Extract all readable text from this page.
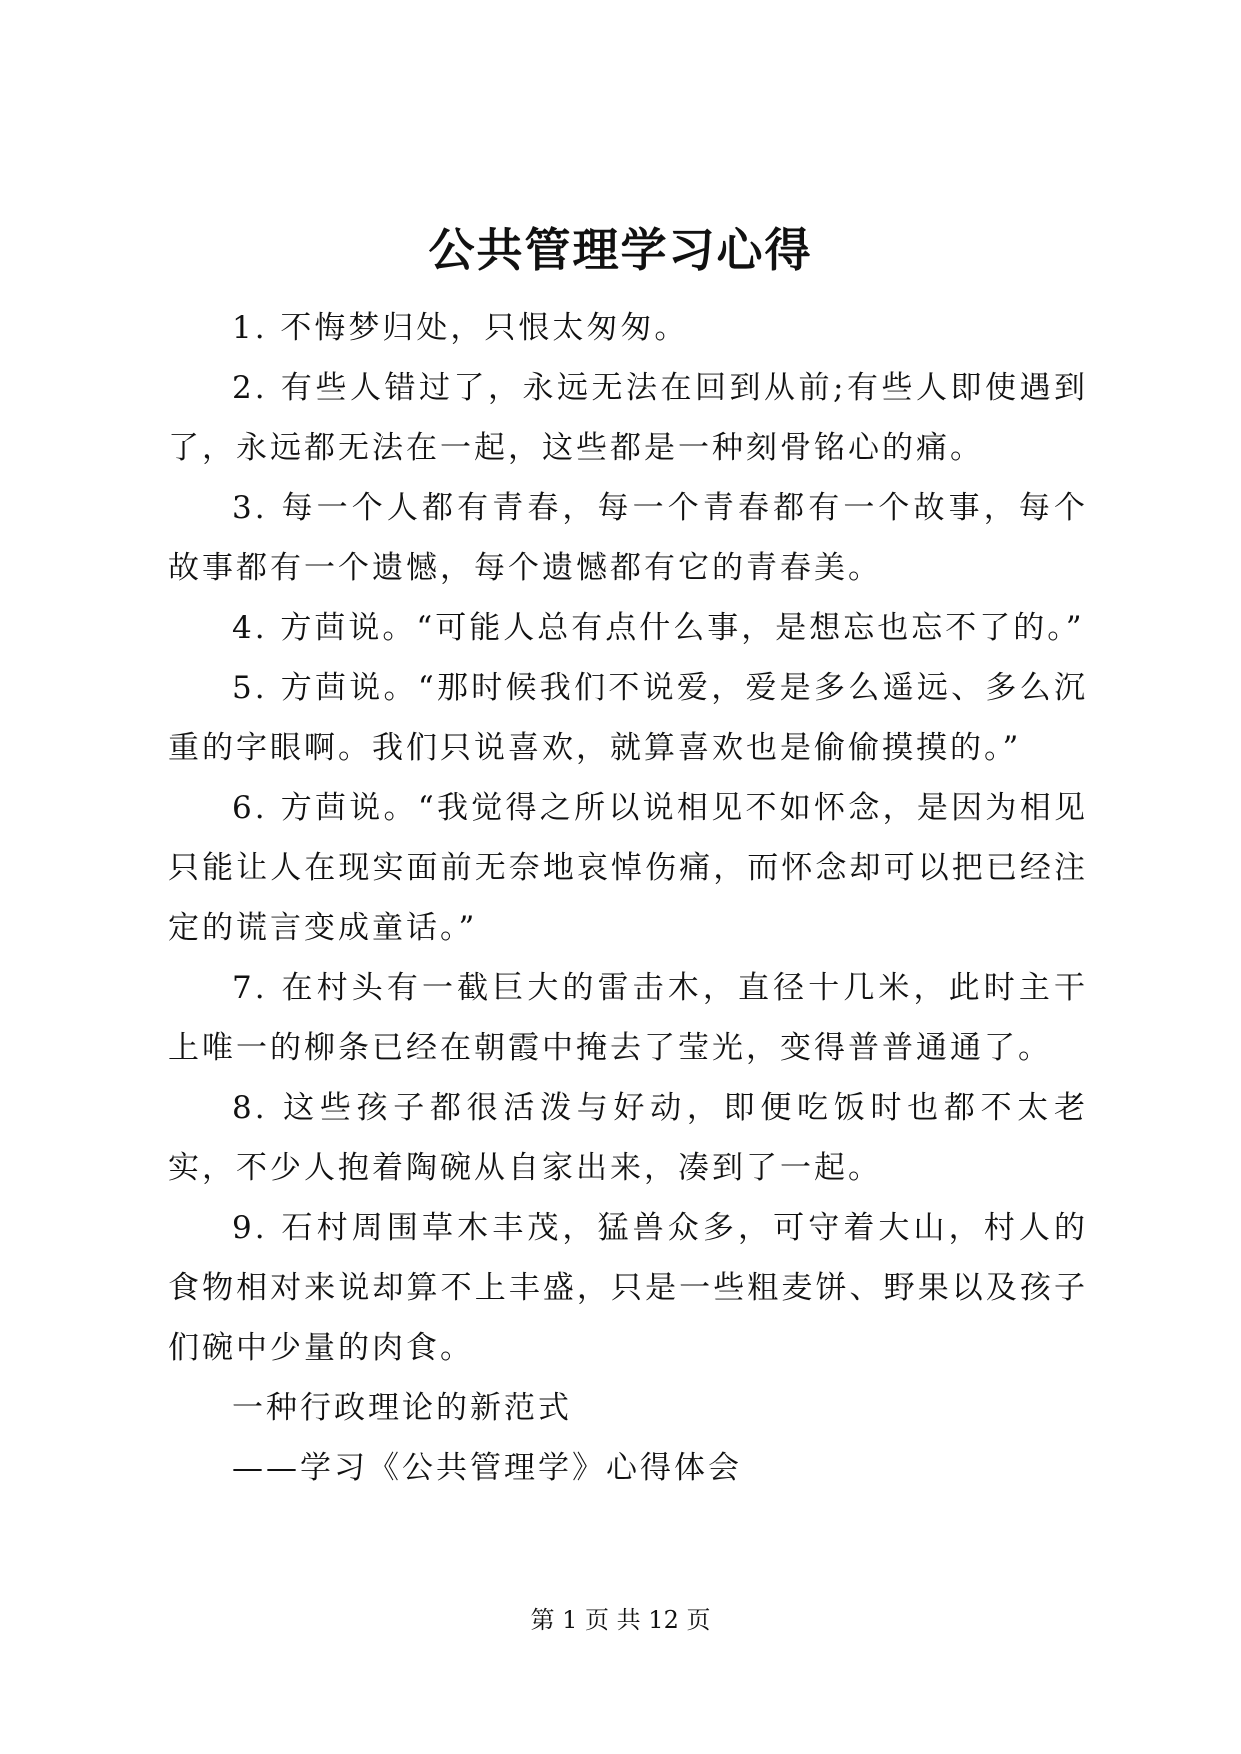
公共管理学习心得

1. 不悔梦归处，只恨太匆匆。

2. 有些人错过了，永远无法在回到从前;有些人即使遇到了，永远都无法在一起，这些都是一种刻骨铭心的痛。

3. 每一个人都有青春，每一个青春都有一个故事，每个故事都有一个遗憾，每个遗憾都有它的青春美。

4. 方茴说。“可能人总有点什么事，是想忘也忘不了的。”

5. 方茴说。“那时候我们不说爱，爱是多么遥远、多么沉重的字眼啊。我们只说喜欢，就算喜欢也是偷偷摸摸的。”

6. 方茴说。“我觉得之所以说相见不如怀念，是因为相见只能让人在现实面前无奈地哀悼伤痛，而怀念却可以把已经注定的谎言变成童话。”

7. 在村头有一截巨大的雷击木，直径十几米，此时主干上唯一的柳条已经在朝霞中掩去了莹光，变得普普通通了。

8. 这些孩子都很活泼与好动，即便吃饭时也都不太老实，不少人抱着陶碗从自家出来，凑到了一起。

9. 石村周围草木丰茂，猛兽众多，可守着大山，村人的食物相对来说却算不上丰盛，只是一些粗麦饼、野果以及孩子们碗中少量的肉食。

一种行政理论的新范式

——学习《公共管理学》心得体会

第 1 页 共 12 页
